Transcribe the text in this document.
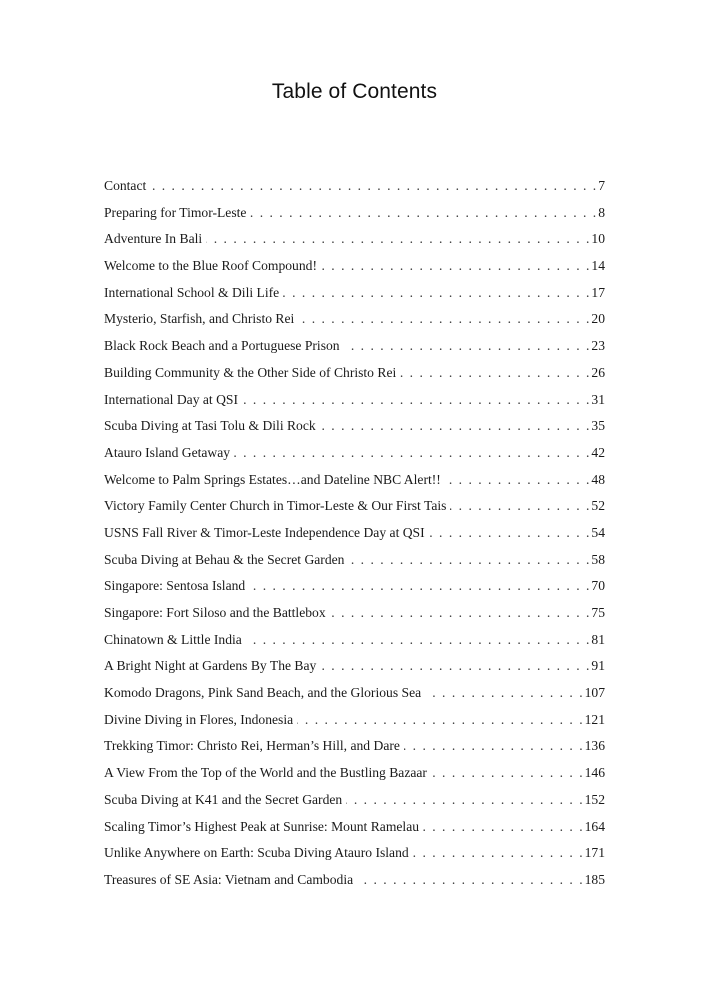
Table of Contents
Contact . . .	7
Preparing for Timor-Leste . . .	8
Adventure In Bali . . .	10
Welcome to the Blue Roof Compound! . . .	14
International School & Dili Life . . .	17
Mysterio, Starfish, and Christo Rei . . .	20
Black Rock Beach and a Portuguese Prison . . .	23
Building Community & the Other Side of Christo Rei . . .	26
International Day at QSI . . .	31
Scuba Diving at Tasi Tolu & Dili Rock . . .	35
Atauro Island Getaway . . .	42
Welcome to Palm Springs Estates…and Dateline NBC Alert!! . . .	48
Victory Family Center Church in Timor-Leste & Our First Tais . . .	52
USNS Fall River & Timor-Leste Independence Day at QSI . . .	54
Scuba Diving at Behau & the Secret Garden . . .	58
Singapore: Sentosa Island . . .	70
Singapore: Fort Siloso and the Battlebox . . .	75
Chinatown & Little India . . .	81
A Bright Night at Gardens By The Bay . . .	91
Komodo Dragons, Pink Sand Beach, and the Glorious Sea . . .	107
Divine Diving in Flores, Indonesia . . .	121
Trekking Timor: Christo Rei, Herman’s Hill, and Dare . . .	136
A View From the Top of the World and the Bustling Bazaar . . .	146
Scuba Diving at K41 and the Secret Garden . . .	152
Scaling Timor’s Highest Peak at Sunrise: Mount Ramelau . . .	164
Unlike Anywhere on Earth: Scuba Diving Atauro Island . . .	171
Treasures of SE Asia: Vietnam and Cambodia . . .	185
